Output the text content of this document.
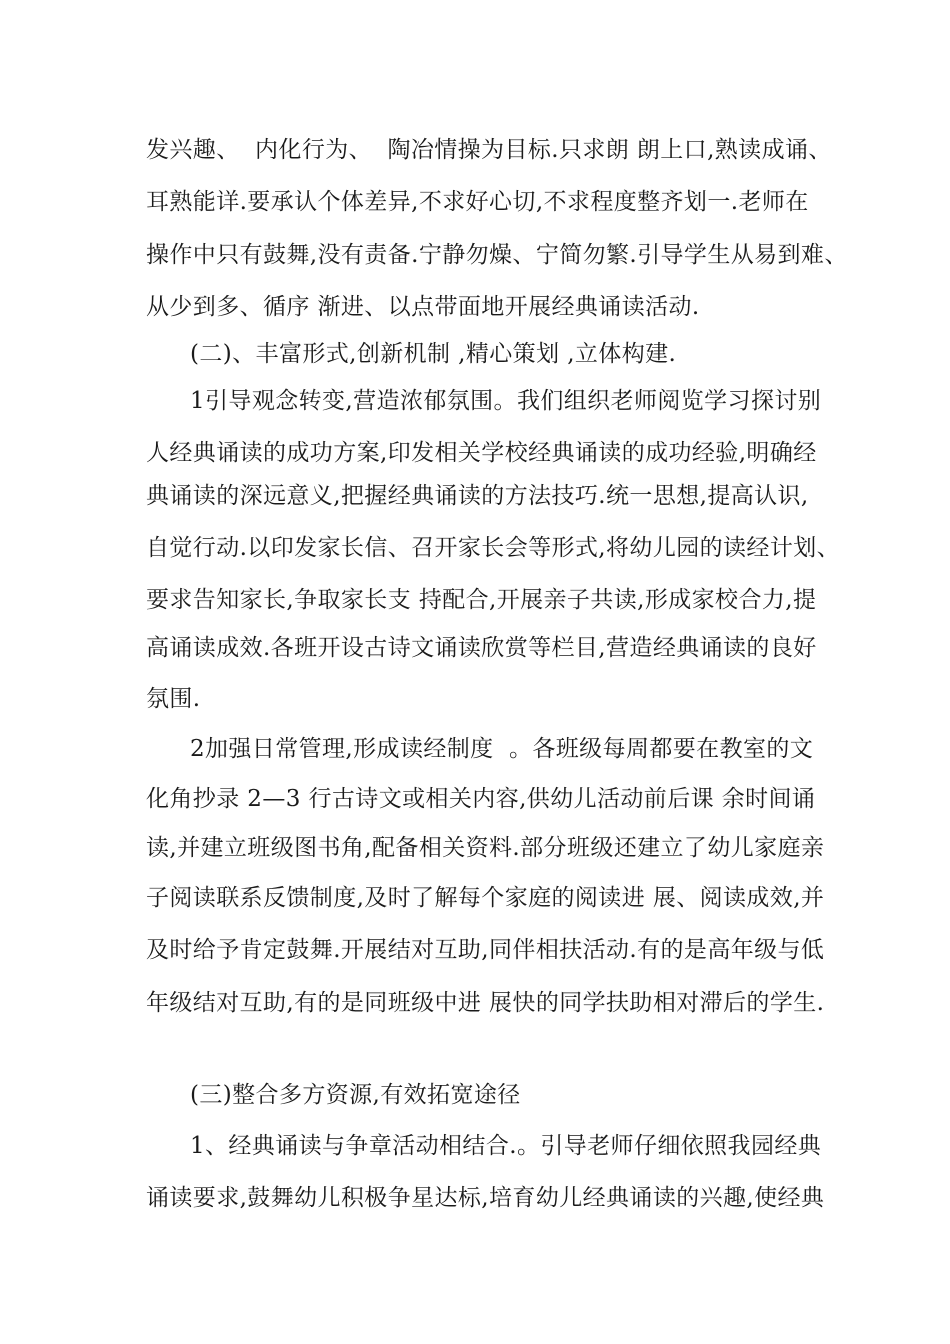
发兴趣、  内化行为、  陶冶情操为目标.只求朗 朗上口,熟读成诵、
耳熟能详.要承认个体差异,不求好心切,不求程度整齐划一.老师在
操作中只有鼓舞,没有责备.宁静勿燥、宁简勿繁.引导学生从易到难、
从少到多、循序 渐进、以点带面地开展经典诵读活动.
(二)、丰富形式,创新机制 ,精心策划 ,立体构建.
1引导观念转变,营造浓郁氛围。我们组织老师阅览学习探讨别
人经典诵读的成功方案,印发相关学校经典诵读的成功经验,明确经
典诵读的深远意义,把握经典诵读的方法技巧.统一思想,提高认识,
自觉行动.以印发家长信、召开家长会等形式,将幼儿园的读经计划、
要求告知家长,争取家长支 持配合,开展亲子共读,形成家校合力,提
高诵读成效.各班开设古诗文诵读欣赏等栏目,营造经典诵读的良好
氛围.
2加强日常管理,形成读经制度  。各班级每周都要在教室的文
化角抄录 2—3 行古诗文或相关内容,供幼儿活动前后课 余时间诵
读,并建立班级图书角,配备相关资料.部分班级还建立了幼儿家庭亲
子阅读联系反馈制度,及时了解每个家庭的阅读进 展、阅读成效,并
及时给予肯定鼓舞.开展结对互助,同伴相扶活动.有的是高年级与低
年级结对互助,有的是同班级中进 展快的同学扶助相对滞后的学生.
(三)整合多方资源,有效拓宽途径
1、经典诵读与争章活动相结合.。引导老师仔细依照我园经典
诵读要求,鼓舞幼儿积极争星达标,培育幼儿经典诵读的兴趣,使经典
